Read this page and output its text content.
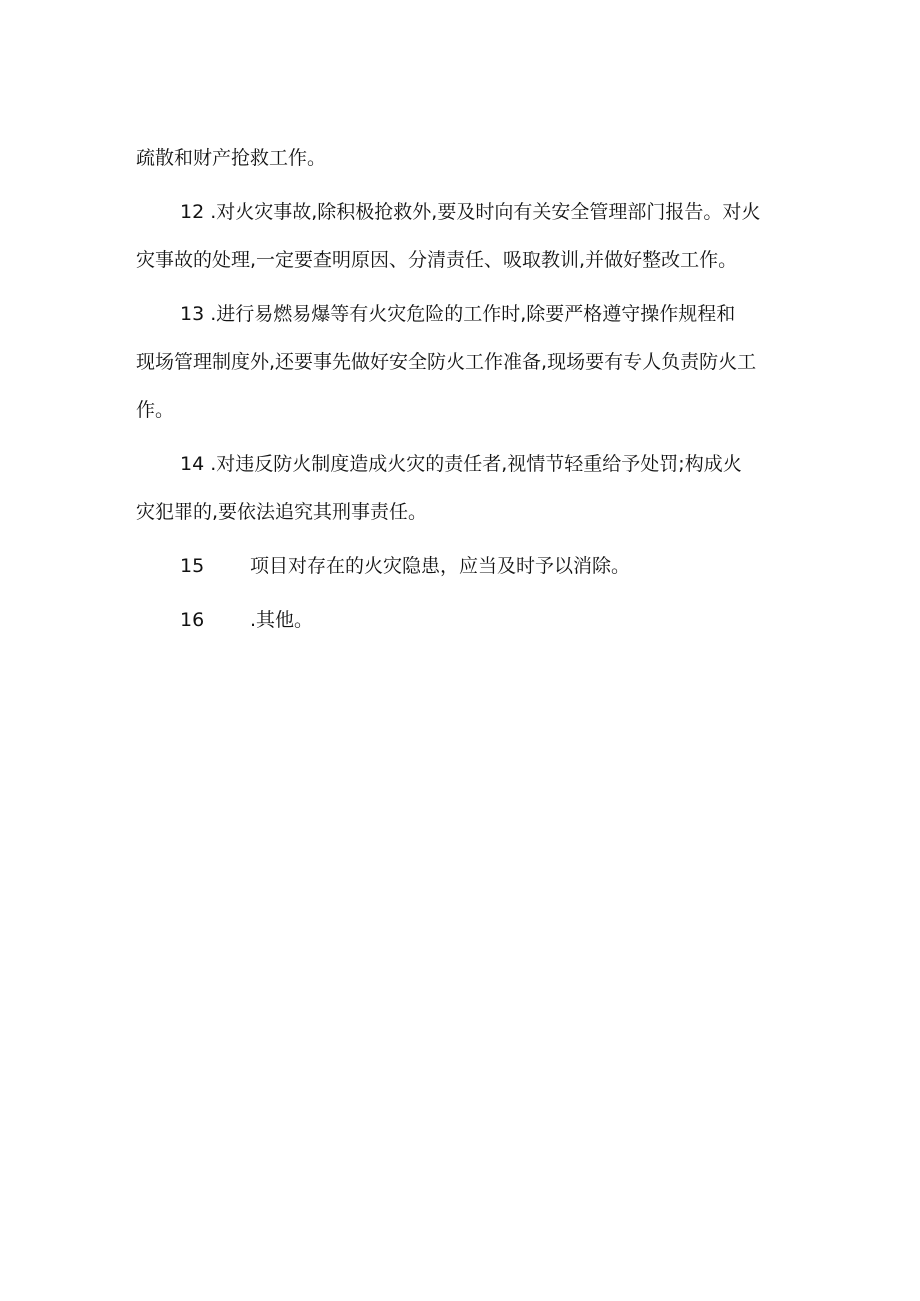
疏散和财产抢救工作。
12 .对火灾事故,除积极抢救外,要及时向有关安全管理部门报告。对火
灾事故的处理,一定要查明原因、分清责任、吸取教训,并做好整改工作。
13 .进行易燃易爆等有火灾危险的工作时,除要严格遵守操作规程和
现场管理制度外,还要事先做好安全防火工作准备,现场要有专人负责防火工
作。
14 .对违反防火制度造成火灾的责任者,视情节轻重给予处罚;构成火
灾犯罪的,要依法追究其刑事责任。
15 项目对存在的火灾隐患，应当及时予以消除。
16 .其他。
